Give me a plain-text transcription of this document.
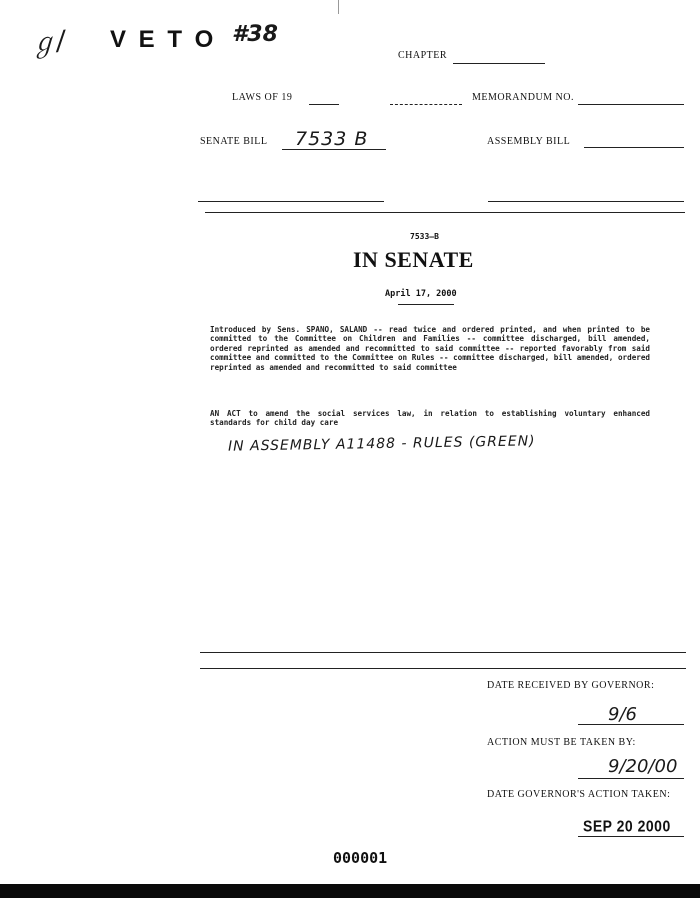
ℊ/ V E T O #38
CHAPTER
LAWS OF 19	MEMORANDUM NO.
SENATE BILL 7533 B	ASSEMBLY BILL
7533—B
IN SENATE
April 17, 2000
Introduced by Sens. SPANO, SALAND -- read twice and ordered printed, and when printed to be committed to the Committee on Children and Families -- committee discharged, bill amended, ordered reprinted as amended and recommitted to said committee -- reported favorably from said committee and committed to the Committee on Rules -- committee discharged, bill amended, ordered reprinted as amended and recommitted to said committee
AN ACT to amend the social services law, in relation to establishing voluntary enhanced standards for child day care
IN ASSEMBLY A11488 - RULES (GREEN)
DATE RECEIVED BY GOVERNOR:
9/6
ACTION MUST BE TAKEN BY:
9/20/00
DATE GOVERNOR'S ACTION TAKEN:
SEP 20 2000
000001
